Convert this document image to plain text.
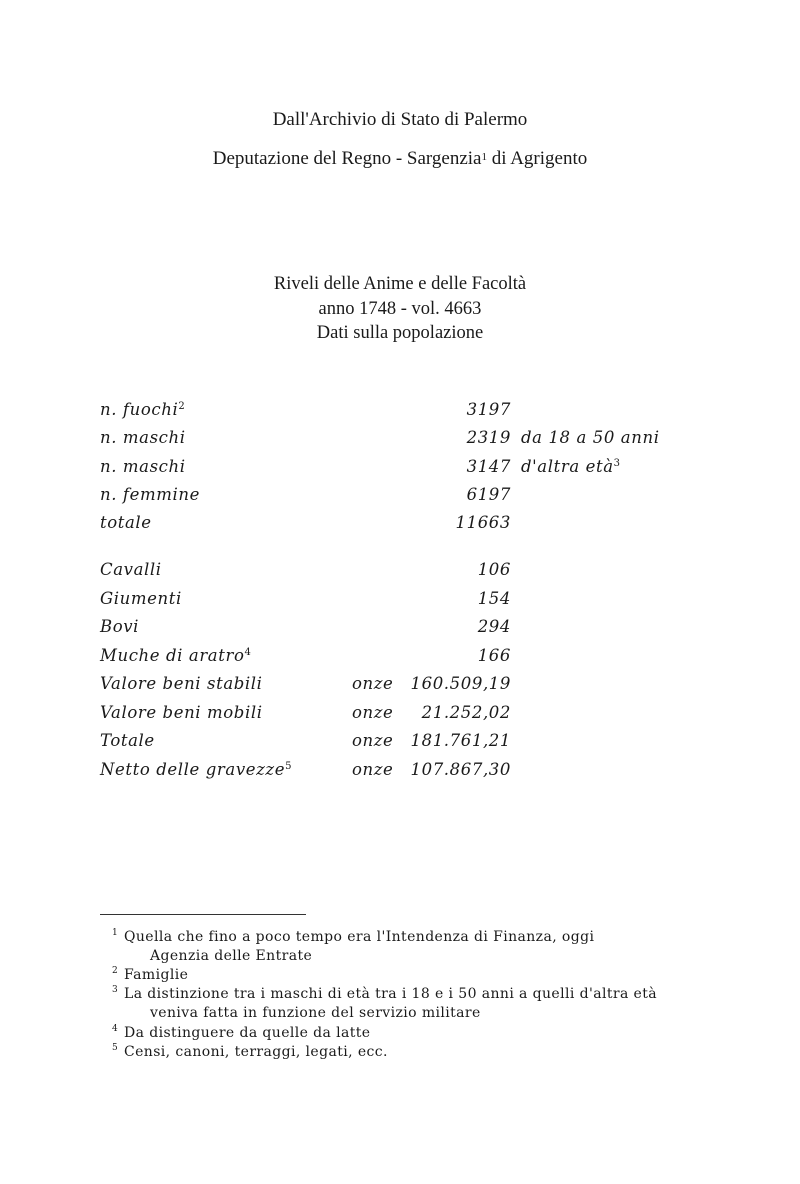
Dall'Archivio di Stato di Palermo
Deputazione del Regno - Sargenzia$^1$ di Agrigento
Riveli delle Anime e delle Facoltà
anno 1748 - vol. 4663
Dati sulla popolazione
n. fuochi$^2$	3197
n. maschi	2319 da 18 a 50 anni
n. maschi	3147 d'altra età$^3$
n. femmine	6197
totale	11663
Cavalli	106
Giumenti	154
Bovi	294
Muche di aratro$^4$	166
Valore beni stabili	onze 160.509,19
Valore beni mobili	onze 21.252,02
Totale	onze 181.761,21
Netto delle gravezze$^5$	onze 107.867,30
1 Quella che fino a poco tempo era l'Intendenza di Finanza, oggi
Agenzia delle Entrate
2 Famiglie
3 La distinzione tra i maschi di età tra i 18 e i 50 anni a quelli d'altra età
veniva fatta in funzione del servizio militare
4 Da distinguere da quelle da latte
5 Censi, canoni, terraggi, legati, ecc.
